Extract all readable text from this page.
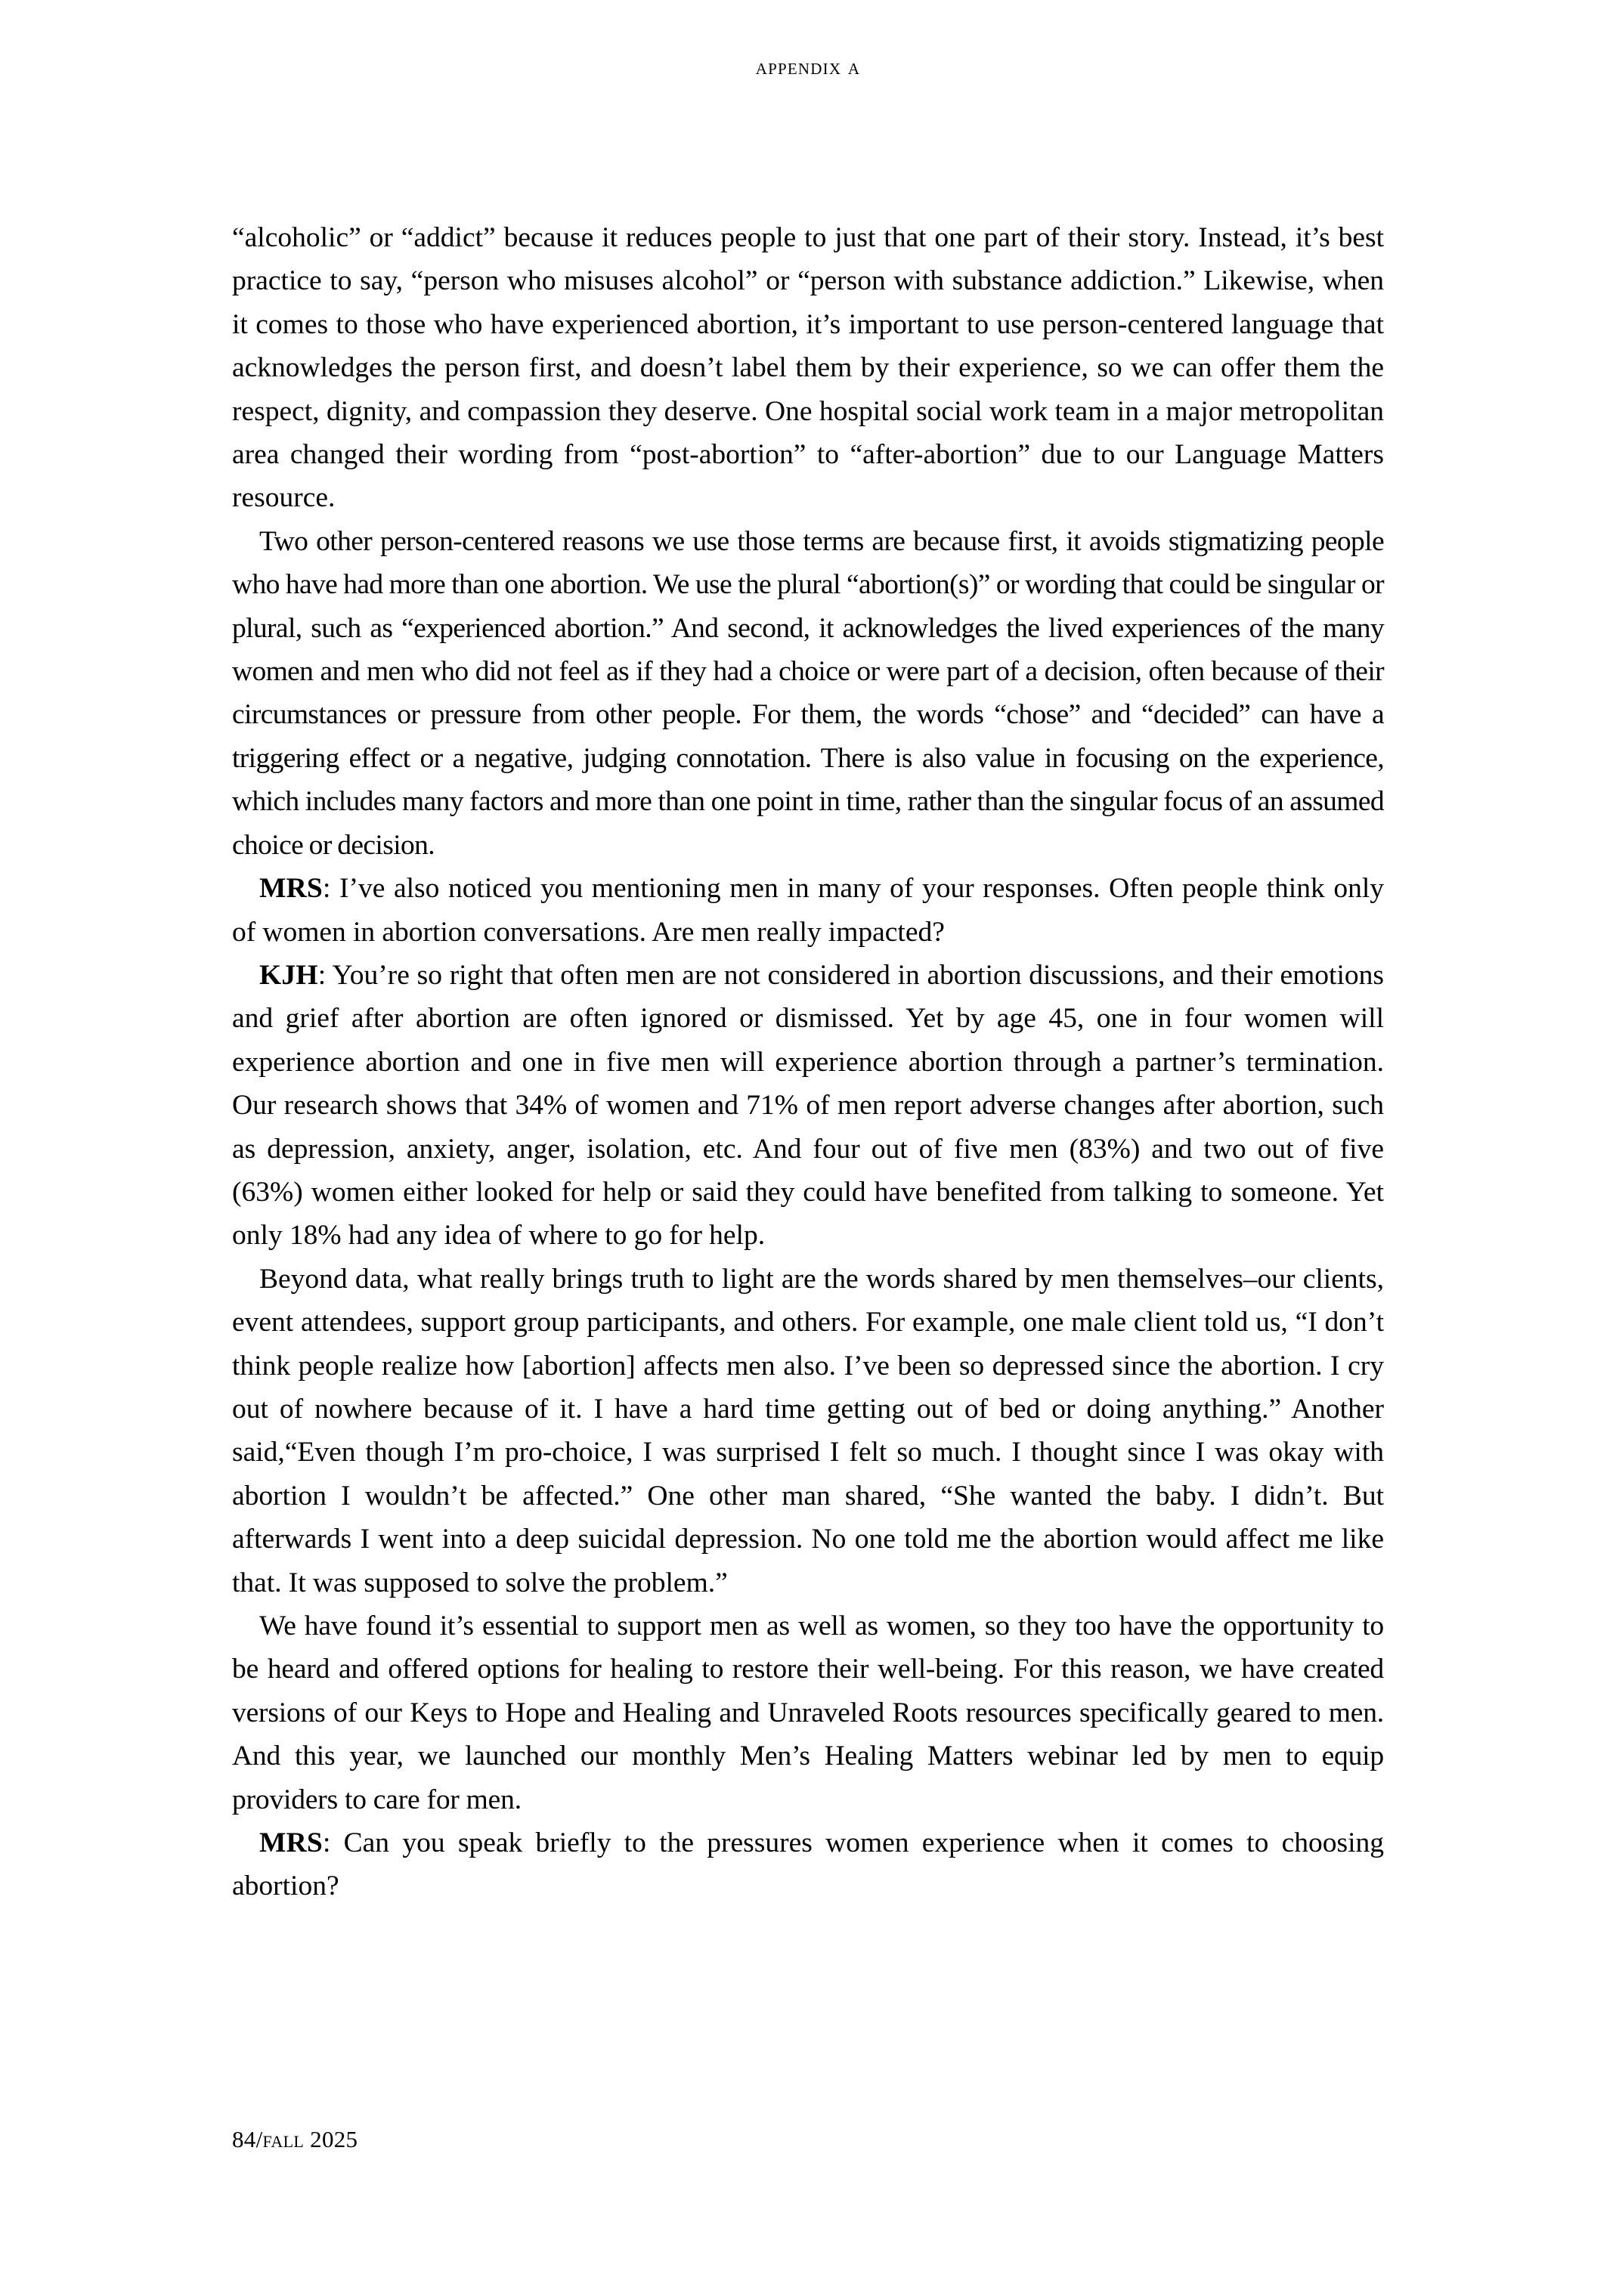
appendix a

“alcoholic” or “addict” because it reduces people to just that one part of their story. Instead, it’s best practice to say, “person who misuses alcohol” or “person with substance addiction.” Likewise, when it comes to those who have experienced abortion, it’s important to use person-centered language that acknowledges the person first, and doesn’t label them by their experience, so we can offer them the respect, dignity, and compassion they deserve. One hospital social work team in a major metropolitan area changed their wording from “post-abortion” to “after-abortion” due to our Language Matters resource.

Two other person-centered reasons we use those terms are because first, it avoids stigmatizing people who have had more than one abortion. We use the plural “abortion(s)” or wording that could be singular or plural, such as “experienced abortion.” And second, it acknowledges the lived experiences of the many women and men who did not feel as if they had a choice or were part of a decision, often because of their circumstances or pressure from other people. For them, the words “chose” and “decided” can have a triggering effect or a negative, judging connotation. There is also value in focusing on the experience, which includes many factors and more than one point in time, rather than the singular focus of an assumed choice or decision.

MRS: I’ve also noticed you mentioning men in many of your responses. Often people think only of women in abortion conversations. Are men really impacted?

KJH: You’re so right that often men are not considered in abortion discussions, and their emotions and grief after abortion are often ignored or dismissed. Yet by age 45, one in four women will experience abortion and one in five men will experience abortion through a partner’s termination. Our research shows that 34% of women and 71% of men report adverse changes after abortion, such as depression, anxiety, anger, isolation, etc. And four out of five men (83%) and two out of five (63%) women either looked for help or said they could have benefited from talking to someone. Yet only 18% had any idea of where to go for help.

Beyond data, what really brings truth to light are the words shared by men themselves–our clients, event attendees, support group participants, and others. For example, one male client told us, “I don’t think people realize how [abortion] affects men also. I’ve been so depressed since the abortion. I cry out of nowhere because of it. I have a hard time getting out of bed or doing anything.” Another said,“Even though I’m pro-choice, I was surprised I felt so much. I thought since I was okay with abortion I wouldn’t be affected.” One other man shared, “She wanted the baby. I didn’t. But afterwards I went into a deep suicidal depression. No one told me the abortion would affect me like that. It was supposed to solve the problem.”

We have found it’s essential to support men as well as women, so they too have the opportunity to be heard and offered options for healing to restore their well-being. For this reason, we have created versions of our Keys to Hope and Healing and Unraveled Roots resources specifically geared to men. And this year, we launched our monthly Men’s Healing Matters webinar led by men to equip providers to care for men.

MRS: Can you speak briefly to the pressures women experience when it comes to choosing abortion?

84/fall 2025
